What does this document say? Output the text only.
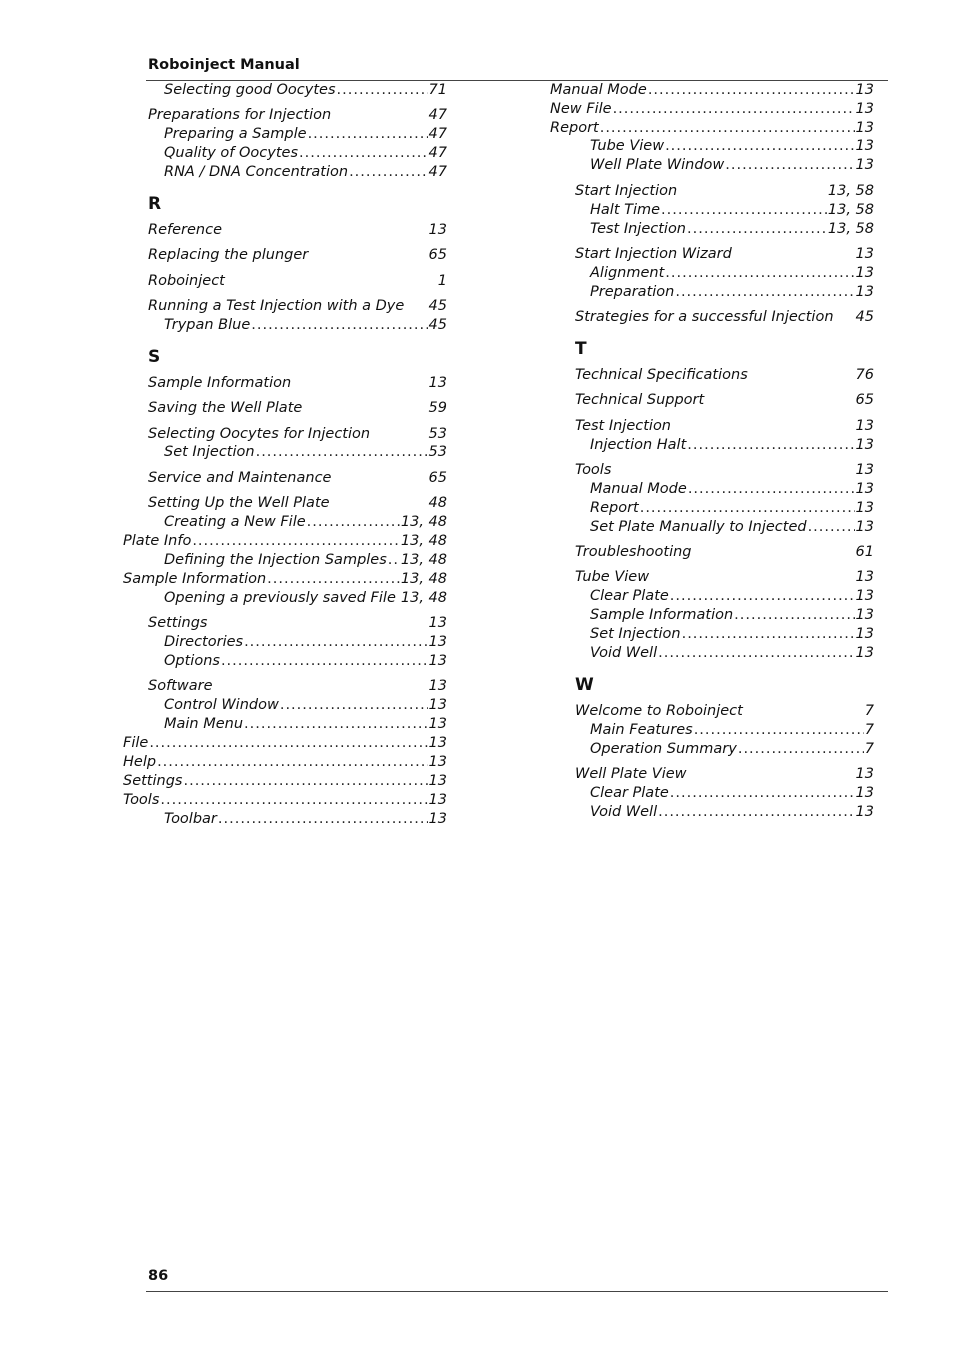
Roboinject Manual
Selecting good Oocytes .....	71
Preparations for Injection	47
Preparing a Sample .....	47
Quality of Oocytes .....	47
RNA / DNA Concentration .....	47
R
Reference	13
Replacing the plunger	65
Roboinject	1
Running a Test Injection with a Dye 45
Trypan Blue .....	45
S
Sample Information	13
Saving the Well Plate	59
Selecting Oocytes for Injection	53
Set Injection .....	53
Service and Maintenance	65
Setting Up the Well Plate	48
Creating a New File .....	13, 48
Plate Info .....	13, 48
Defining the Injection Samples ..... 13, 48
Sample Information .....	13, 48
Opening a previously saved File 13, 48
Settings	13
Directories .....	13
Options .....	13
Software	13
Control Window .....	13
Main Menu .....	13
File .....	13
Help .....	13
Settings .....	13
Tools .....	13
Toolbar .....	13
Manual Mode .....	13
New File .....	13
Report .....	13
Tube View .....	13
Well Plate Window .....	13
Start Injection	13, 58
Halt Time .....	13, 58
Test Injection .....	13, 58
Start Injection Wizard	13
Alignment .....	13
Preparation .....	13
Strategies for a successful Injection 45
T
Technical Specifications	76
Technical Support	65
Test Injection	13
Injection Halt .....	13
Tools	13
Manual Mode .....	13
Report .....	13
Set Plate Manually to Injected .....	13
Troubleshooting	61
Tube View	13
Clear Plate .....	13
Sample Information .....	13
Set Injection .....	13
Void Well .....	13
W
Welcome to Roboinject	7
Main Features .....	7
Operation Summary .....	7
Well Plate View	13
Clear Plate .....	13
Void Well .....	13
86
